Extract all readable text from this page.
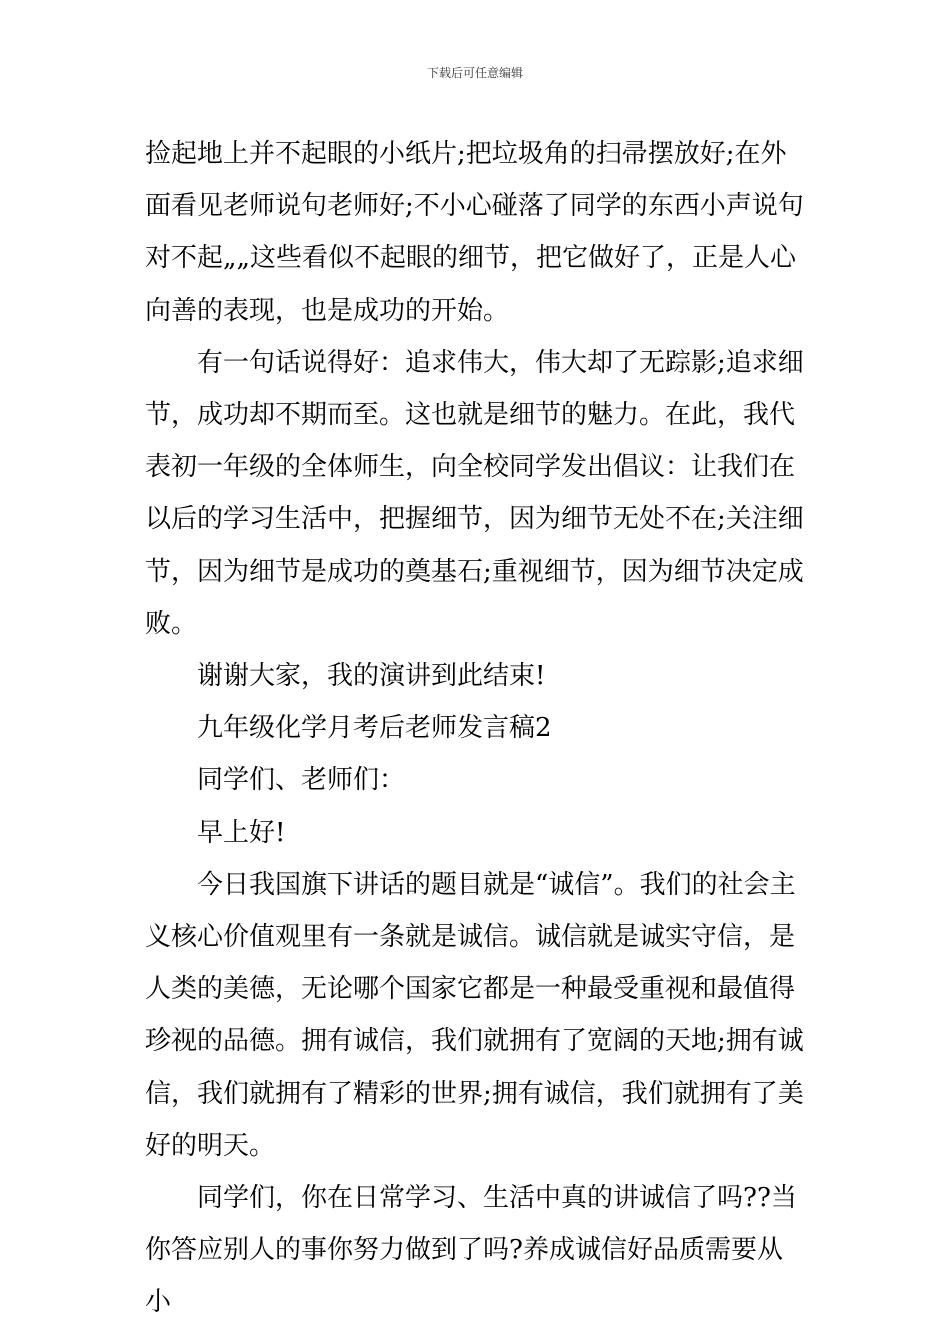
下载后可任意编辑

捡起地上并不起眼的小纸片;把垃圾角的扫帚摆放好;在外面看见老师说句老师好;不小心碰落了同学的东西小声说句对不起„„这些看似不起眼的细节，把它做好了，正是人心向善的表现，也是成功的开始。

有一句话说得好：追求伟大，伟大却了无踪影;追求细节，成功却不期而至。这也就是细节的魅力。在此，我代表初一年级的全体师生，向全校同学发出倡议：让我们在以后的学习生活中，把握细节，因为细节无处不在;关注细节，因为细节是成功的奠基石;重视细节，因为细节决定成败。

谢谢大家，我的演讲到此结束!

九年级化学月考后老师发言稿2

同学们、老师们：

早上好!

今日我国旗下讲话的题目就是“诚信”。我们的社会主义核心价值观里有一条就是诚信。诚信就是诚实守信，是人类的美德，无论哪个国家它都是一种最受重视和最值得珍视的品德。拥有诚信，我们就拥有了宽阔的天地;拥有诚信，我们就拥有了精彩的世界;拥有诚信，我们就拥有了美好的明天。

同学们，你在日常学习、生活中真的讲诚信了吗??当你答应别人的事你努力做到了吗?养成诚信好品质需要从小
